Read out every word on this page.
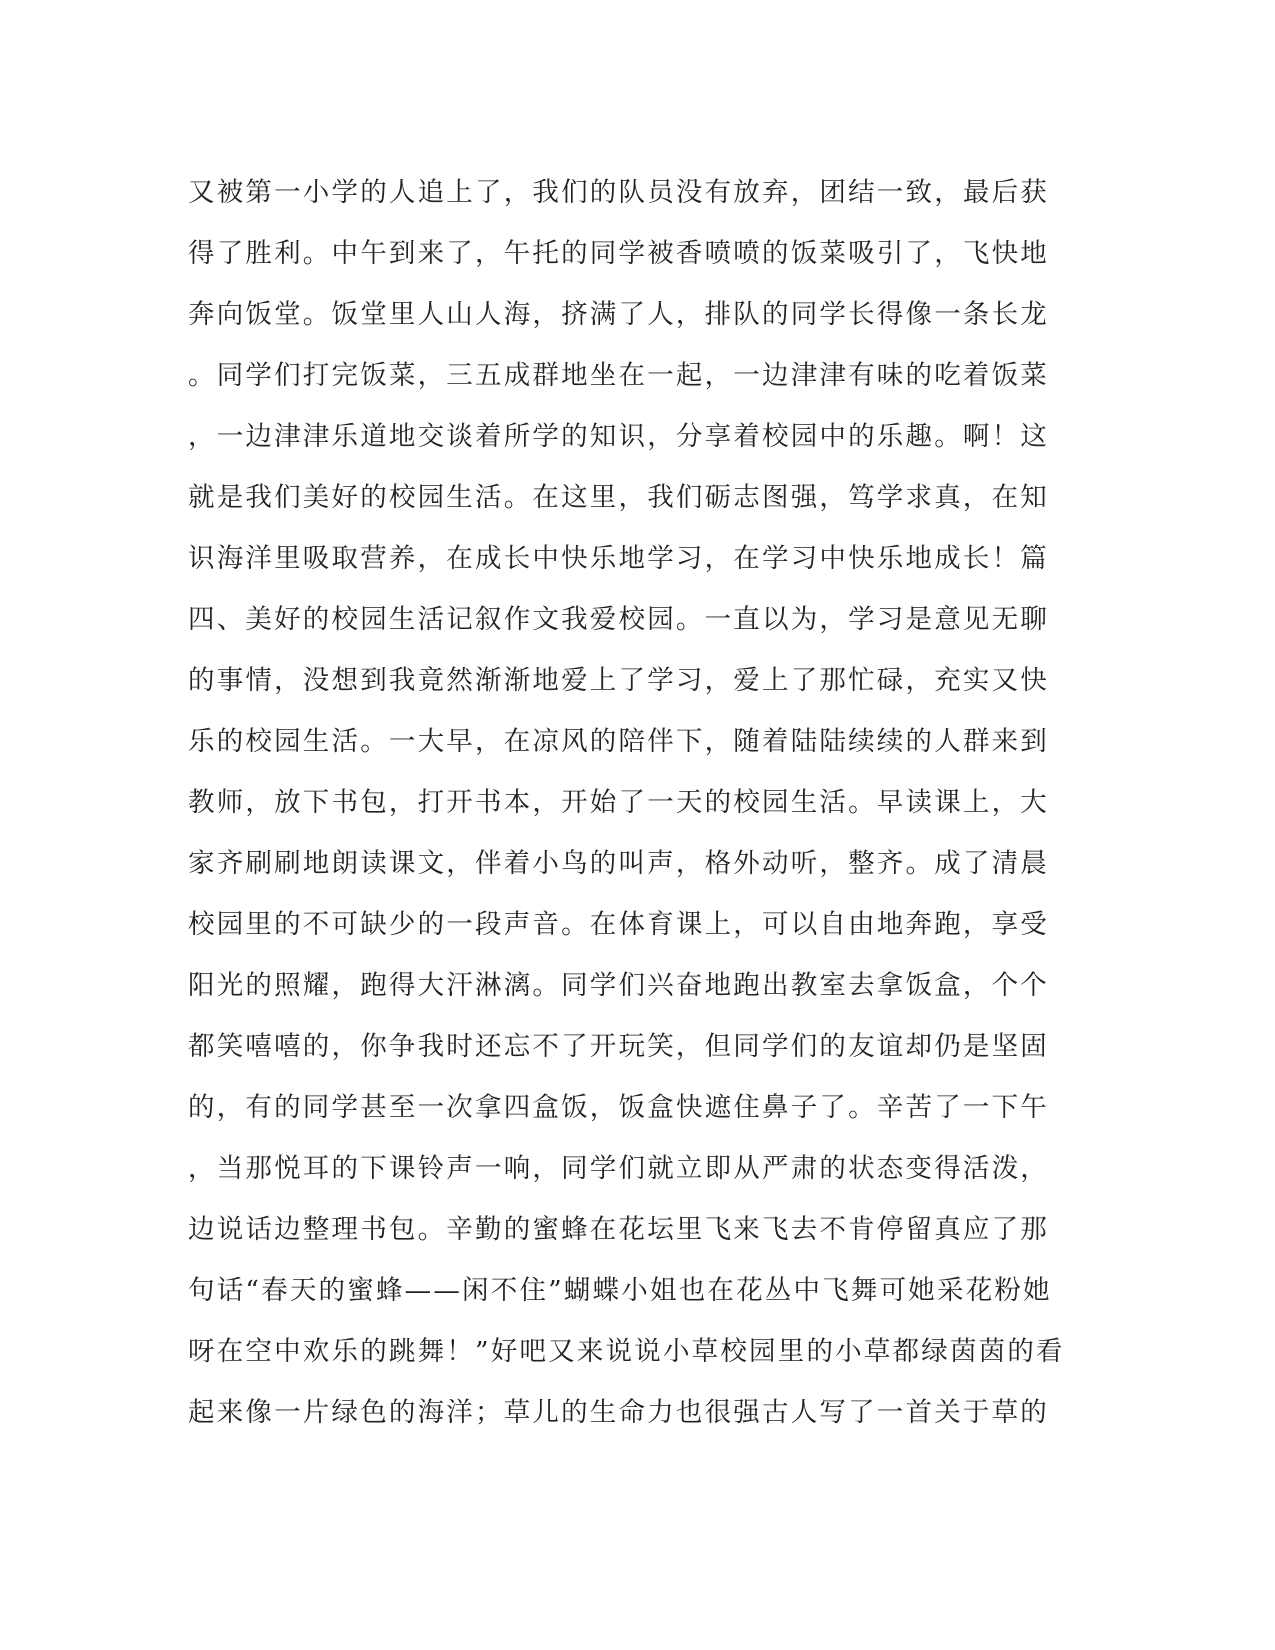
又被第一小学的人追上了，我们的队员没有放弃，团结一致，最后获
得了胜利。中午到来了，午托的同学被香喷喷的饭菜吸引了，飞快地
奔向饭堂。饭堂里人山人海，挤满了人，排队的同学长得像一条长龙
。同学们打完饭菜，三五成群地坐在一起，一边津津有味的吃着饭菜
，一边津津乐道地交谈着所学的知识，分享着校园中的乐趣。啊！这
就是我们美好的校园生活。在这里，我们砺志图强，笃学求真，在知
识海洋里吸取营养，在成长中快乐地学习，在学习中快乐地成长！篇
四、美好的校园生活记叙作文我爱校园。一直以为，学习是意见无聊
的事情，没想到我竟然渐渐地爱上了学习，爱上了那忙碌，充实又快
乐的校园生活。一大早，在凉风的陪伴下，随着陆陆续续的人群来到
教师，放下书包，打开书本，开始了一天的校园生活。早读课上，大
家齐刷刷地朗读课文，伴着小鸟的叫声，格外动听，整齐。成了清晨
校园里的不可缺少的一段声音。在体育课上，可以自由地奔跑，享受
阳光的照耀，跑得大汗淋漓。同学们兴奋地跑出教室去拿饭盒，个个
都笑嘻嘻的，你争我时还忘不了开玩笑，但同学们的友谊却仍是坚固
的，有的同学甚至一次拿四盒饭，饭盒快遮住鼻子了。辛苦了一下午
，当那悦耳的下课铃声一响，同学们就立即从严肃的状态变得活泼，
边说话边整理书包。辛勤的蜜蜂在花坛里飞来飞去不肯停留真应了那
句话“春天的蜜蜂——闲不住”蝴蝶小姐也在花丛中飞舞可她采花粉她
呀在空中欢乐的跳舞！”好吧又来说说小草校园里的小草都绿茵茵的看
起来像一片绿色的海洋；草儿的生命力也很强古人写了一首关于草的
